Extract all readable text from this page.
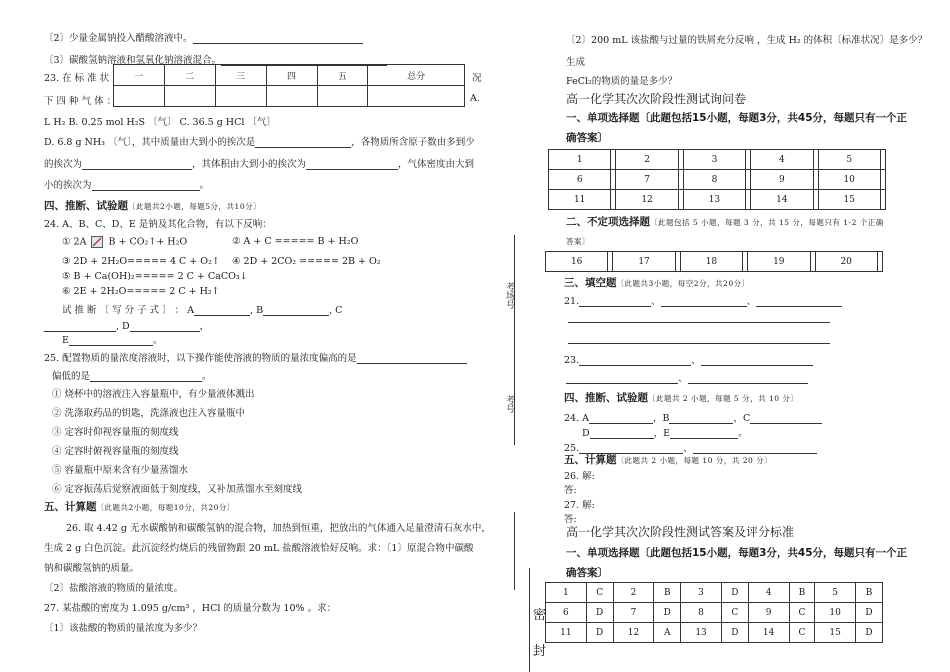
〔2〕少量金属钠投入醋酸溶液中。
〔3〕碳酸氢钠溶液和氢氧化钠溶液混合。
23. 在 标 准 状	况
一	二	三	四	五	总分

下 四 种 气 体 ：	A.
L H₂ B. 0.25 mol H₂S 〔气〕 C. 36.5 g HCl 〔气〕
D. 6.8 g NH₃ 〔气〕，其中质量由大到小的挨次是	，各物质所含原子数由多到少
的挨次为	，其体积由大到小的挨次为	，气体密度由大到
小的挨次为	。
四、推断、试验题〔此题共2小题，每题5分，共10分〕
24. A、B、C、D、E 是钠及其化合物，有以下反响：
① 2A B + CO₂↑+ H₂O	② A + C ===== B + H₂O
③ 2D + 2H₂O===== 4 C + O₂↑ ④ 2D + 2CO₂ ===== 2B + O₂
⑤ B + Ca(OH)₂===== 2 C + CaCO₃↓
⑥ 2E + 2H₂O===== 2 C + H₂↑
试 推 断 〔 写 分 子 式 〕 ： A	, B	, C
, D	，
E	。
25. 配置物质的量浓度溶液时，以下操作能使溶液的物质的量浓度偏高的是
偏低的是	。
① 烧杯中的溶液注入容量瓶中，有少量液体溅出
② 洗涤取药品的钥匙，洗涤液也注入容量瓶中
③ 定容时仰视容量瓶的刻度线
④ 定容时俯视容量瓶的刻度线
⑤ 容量瓶中原来含有少量蒸馏水
⑥ 定容振荡后觉察液面低于刻度线，又补加蒸馏水至刻度线
五、计算题〔此题共2小题，每题10分，共20分〕
26. 取 4.42 g 无水碳酸钠和碳酸氢钠的混合物，加热到恒重，把放出的气体通入足量澄清石灰水中，
生成 2 g 白色沉淀。此沉淀经灼烧后的残留物跟 20 mL 盐酸溶液恰好反响。求：〔1〕原混合物中碳酸
钠和碳酸氢钠的质量。
〔2〕盐酸溶液的物质的量浓度。
27. 某盐酸的密度为 1.095 g/cm³ ，HCl 的质量分数为 10% 。求：
〔1〕该盐酸的物质的量浓度为多少？
考场号
考号
密
封
〔2〕200 mL 该盐酸与过量的铁屑充分反响 ，生成 H₂ 的体积〔标准状况〕是多少？
生成
FeCl₂的物质的量是多少？
高一化学其次次阶段性测试询问卷
一、单项选择题〔此题包括15小题，每题3分，共45分，每题只有一个正
确答案〕
1		2		3		4		5	
6		7		8		9		10	
11		12		13		14		15	
二、不定项选择题〔此题包括 5 小题，每题 3 分，共 15 分，每题只有 1-2 个正确
答案〕
16		17		18		19		20	
三、填空题〔此题共3小题，每空2分，共20分〕
21.	、	、
23.	、
、
四、推断、试验题〔此题共 2 小题，每题 5 分，共 10 分〕
24. A	，B	，C
D	，E	。
25.	、
五、计算题〔此题共 2 小题，每题 10 分，共 20 分〕
26. 解:
答:
27. 解:
答:
高一化学其次次阶段性测试答案及评分标准
一、单项选择题〔此题包括15小题，每题3分，共45分，每题只有一个正
确答案〕
1	C	2	B	3	D	4	B	5	B
6	D	7	D	8	C	9	C	10	D
11	D	12	A	13	D	14	C	15	D
